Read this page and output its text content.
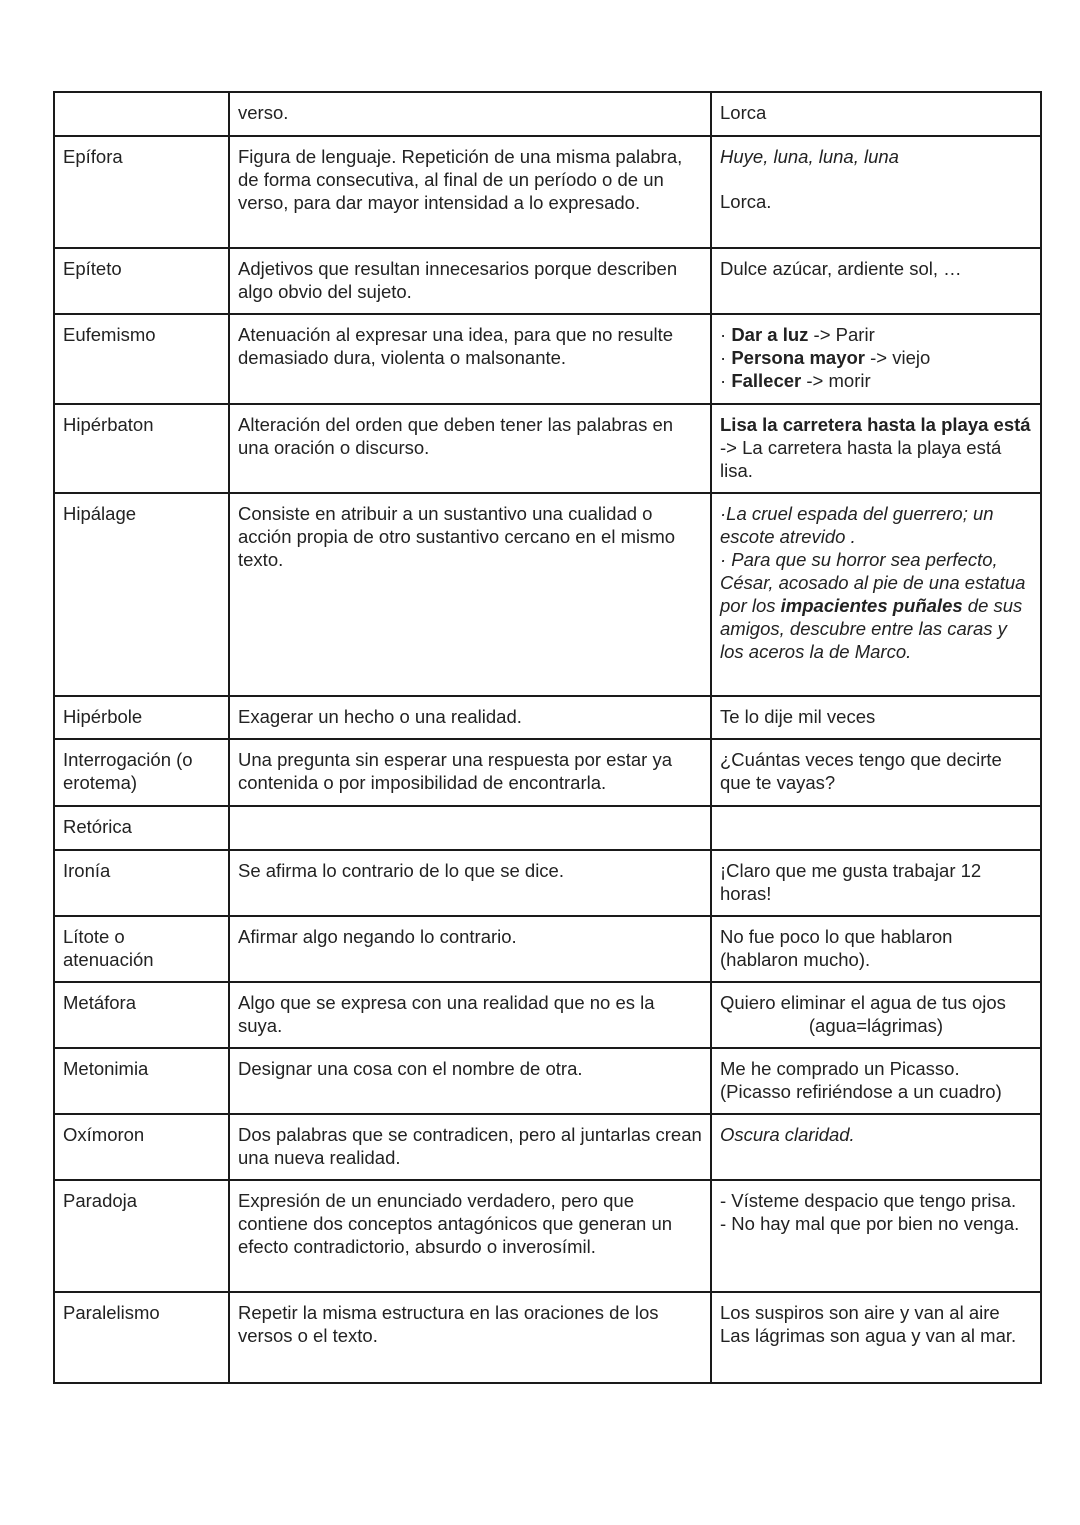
	verso.	Lorca
Epífora	Figura de lenguaje. Repetición de una misma palabra, de forma consecutiva, al final de un período o de un verso, para dar mayor intensidad a lo expresado.	Huye, luna, luna, luna
Lorca.

Epíteto	Adjetivos que resultan innecesarios porque describen algo obvio del sujeto.	Dulce azúcar, ardiente sol, …
Eufemismo	Atenuación al expresar una idea, para que no resulte demasiado dura, violenta o malsonante.	· Dar a luz -> Parir
· Persona mayor -> viejo
· Fallecer -> morir

Hipérbaton	Alteración del orden que deben tener las palabras en una oración o discurso.	Lisa la carretera hasta la playa está -> La carretera hasta la playa está lisa.
Hipálage	Consiste en atribuir a un sustantivo una cualidad o acción propia de otro sustantivo cercano en el mismo texto.	·La cruel espada del guerrero; un escote atrevido .
· Para que su horror sea perfecto, César, acosado al pie de una estatua por los impacientes puñales de sus amigos, descubre entre las caras y los aceros la de Marco.

Hipérbole	Exagerar un hecho o una realidad.	Te lo dije mil veces
Interrogación (o erotema)	Una pregunta sin esperar una respuesta por estar ya contenida o por imposibilidad de encontrarla.	¿Cuántas veces tengo que decirte que te vayas?
Retórica		
Ironía	Se afirma lo contrario de lo que se dice.	¡Claro que me gusta trabajar 12 horas!
Lítote o atenuación	Afirmar algo negando lo contrario.	No fue poco lo que hablaron (hablaron mucho).
Metáfora	Algo que se expresa con una realidad que no es la suya.	Quiero eliminar el agua de tus ojos
(agua=lágrimas)

Metonimia	Designar una cosa con el nombre de otra.	Me he comprado un Picasso. (Picasso refiriéndose a un cuadro)
Oxímoron	Dos palabras que se contradicen, pero al juntarlas crean una nueva realidad.	Oscura claridad.
Paradoja	Expresión de un enunciado verdadero, pero que contiene dos conceptos antagónicos que generan un efecto contradictorio, absurdo o inverosímil.	- Vísteme despacio que tengo prisa.
- No hay mal que por bien no venga.

Paralelismo	Repetir la misma estructura en las oraciones de los versos o el texto.	Los suspiros son aire y van al aire
Las lágrimas son agua y van al mar.
